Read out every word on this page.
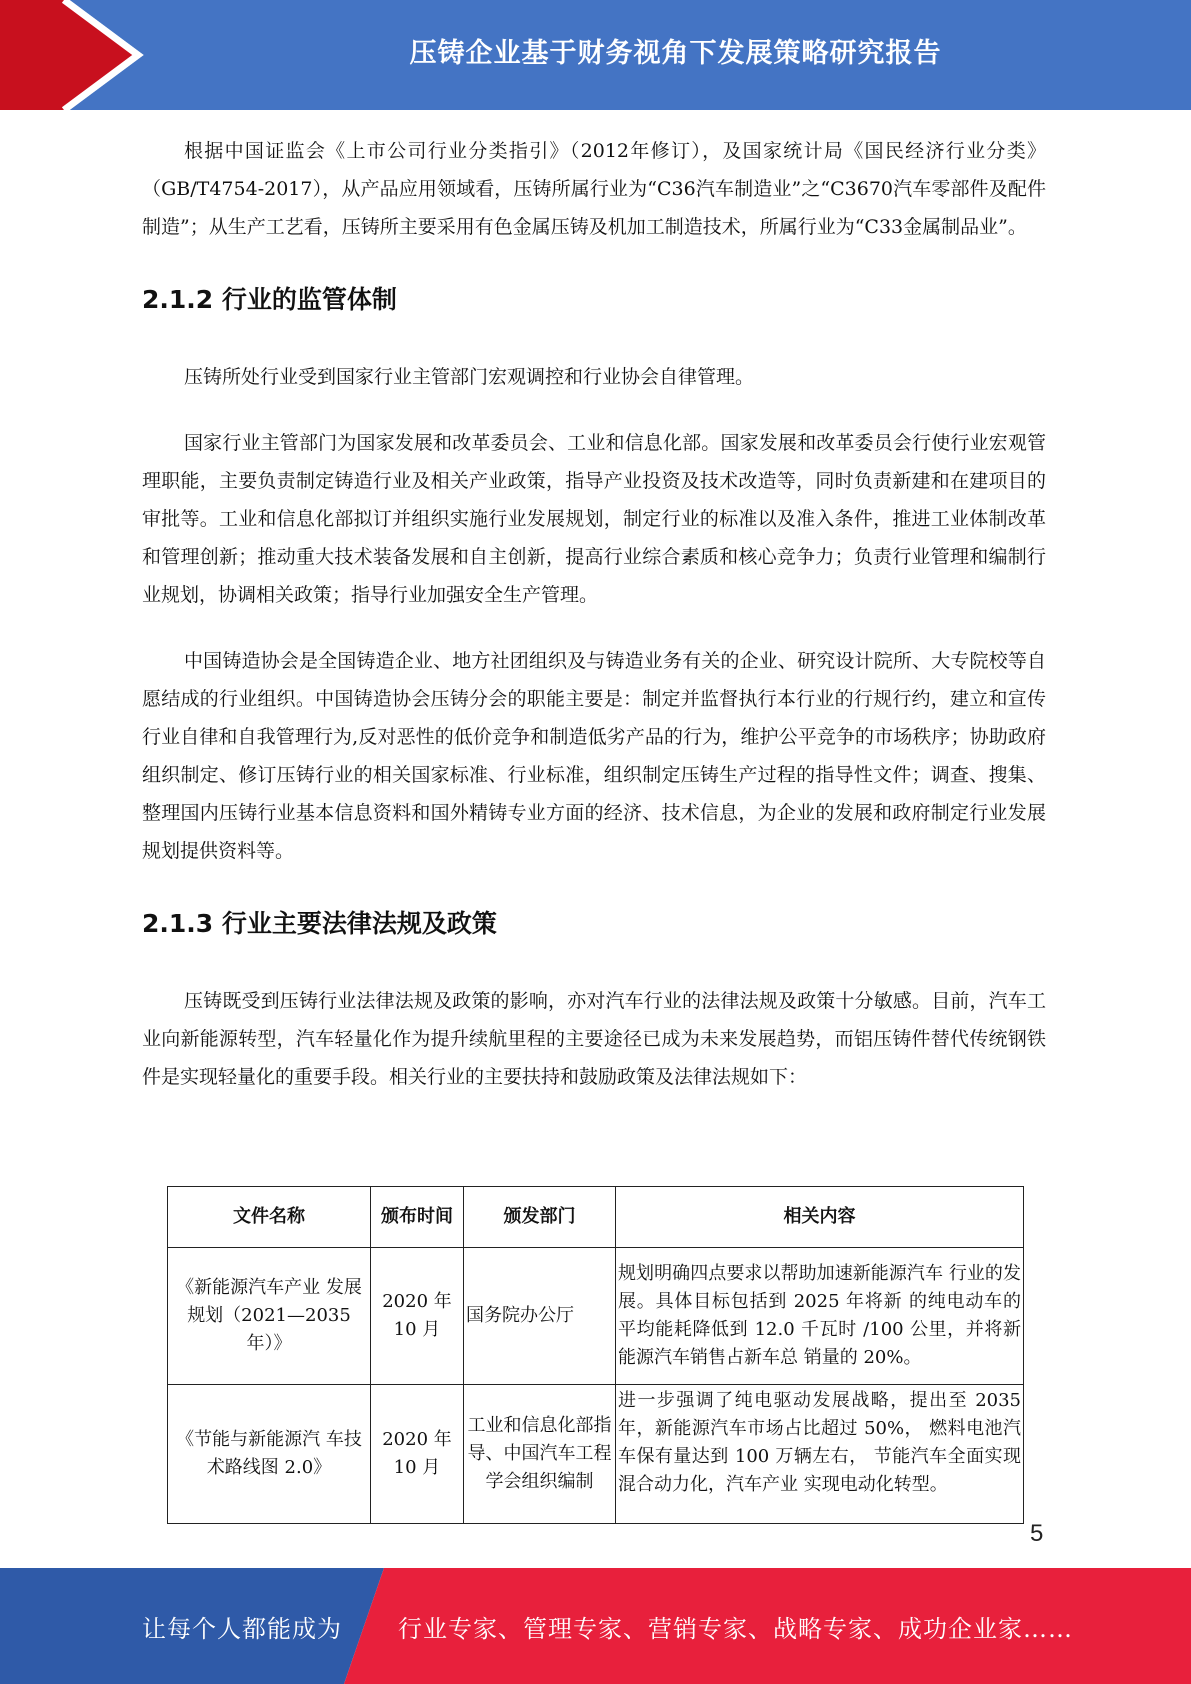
压铸企业基于财务视角下发展策略研究报告

根据中国证监会《上市公司行业分类指引》（2012年修订），及国家统计局《国民经济行业分类》（GB/T4754-2017），从产品应用领域看，压铸所属行业为“C36汽车制造业”之“C3670汽车零部件及配件制造”；从生产工艺看，压铸所主要采用有色金属压铸及机加工制造技术，所属行业为“C33金属制品业”。

2.1.2 行业的监管体制

压铸所处行业受到国家行业主管部门宏观调控和行业协会自律管理。

国家行业主管部门为国家发展和改革委员会、工业和信息化部。国家发展和改革委员会行使行业宏观管理职能，主要负责制定铸造行业及相关产业政策，指导产业投资及技术改造等，同时负责新建和在建项目的审批等。工业和信息化部拟订并组织实施行业发展规划，制定行业的标准以及准入条件，推进工业体制改革和管理创新；推动重大技术装备发展和自主创新，提高行业综合素质和核心竞争力；负责行业管理和编制行业规划，协调相关政策；指导行业加强安全生产管理。

中国铸造协会是全国铸造企业、地方社团组织及与铸造业务有关的企业、研究设计院所、大专院校等自愿结成的行业组织。中国铸造协会压铸分会的职能主要是：制定并监督执行本行业的行规行约，建立和宣传行业自律和自我管理行为,反对恶性的低价竞争和制造低劣产品的行为，维护公平竞争的市场秩序；协助政府组织制定、修订压铸行业的相关国家标准、行业标准，组织制定压铸生产过程的指导性文件；调查、搜集、整理国内压铸行业基本信息资料和国外精铸专业方面的经济、技术信息，为企业的发展和政府制定行业发展规划提供资料等。

2.1.3 行业主要法律法规及政策

压铸既受到压铸行业法律法规及政策的影响，亦对汽车行业的法律法规及政策十分敏感。目前，汽车工业向新能源转型，汽车轻量化作为提升续航里程的主要途径已成为未来发展趋势，而铝压铸件替代传统钢铁件是实现轻量化的重要手段。相关行业的主要扶持和鼓励政策及法律法规如下：

文件名称	颁布时间	颁发部门	相关内容
《新能源汽车产业 发展规划（2021—2035 年）》	2020 年 10 月	国务院办公厅	规划明确四点要求以帮助加速新能源汽车 行业的发展。具体目标包括到 2025 年将新 的纯电动车的平均能耗降低到 12.0 千瓦时 /100 公里，并将新能源汽车销售占新车总 销量的 20%。
《节能与新能源汽 车技术路线图 2.0》	2020 年 10 月	工业和信息化部指导、中国汽车工程学会组织编制	进一步强调了纯电驱动发展战略，提出至 2035 年，新能源汽车市场占比超过 50%， 燃料电池汽车保有量达到 100 万辆左右， 节能汽车全面实现混合动力化，汽车产业 实现电动化转型。
5
让每个人都能成为 行业专家、管理专家、营销专家、战略专家、成功企业家……
